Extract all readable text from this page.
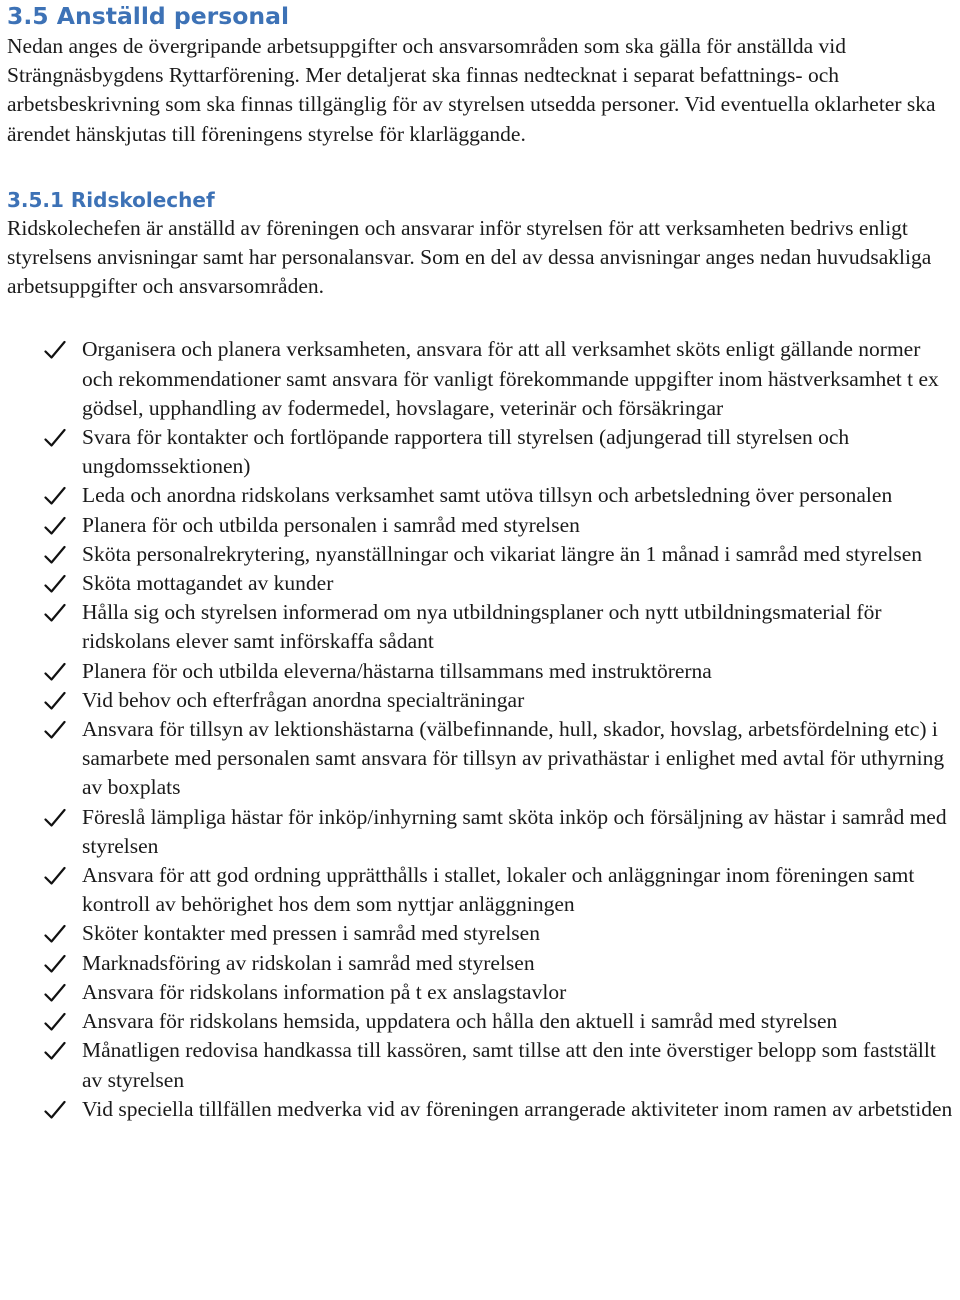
3.5 Anställd personal

Nedan anges de övergripande arbetsuppgifter och ansvarsområden som ska gälla för anställda vid Strängnäsbygdens Ryttarförening. Mer detaljerat ska finnas nedtecknat i separat befattnings- och arbetsbeskrivning som ska finnas tillgänglig för av styrelsen utsedda personer. Vid eventuella oklarheter ska ärendet hänskjutas till föreningens styrelse för klarläggande.

3.5.1 Ridskolechef

Ridskolechefen är anställd av föreningen och ansvarar inför styrelsen för att verksamheten bedrivs enligt styrelsens anvisningar samt har personalansvar. Som en del av dessa anvisningar anges nedan huvudsakliga arbetsuppgifter och ansvarsområden.

Organisera och planera verksamheten, ansvara för att all verksamhet sköts enligt gällande normer och rekommendationer samt ansvara för vanligt förekommande uppgifter inom hästverksamhet t ex gödsel, upphandling av fodermedel, hovslagare, veterinär och försäkringar
Svara för kontakter och fortlöpande rapportera till styrelsen (adjungerad till styrelsen och ungdomssektionen)
Leda och anordna ridskolans verksamhet samt utöva tillsyn och arbetsledning över personalen
Planera för och utbilda personalen i samråd med styrelsen
Sköta personalrekrytering, nyanställningar och vikariat längre än 1 månad i samråd med styrelsen
Sköta mottagandet av kunder
Hålla sig och styrelsen informerad om nya utbildningsplaner och nytt utbildningsmaterial för ridskolans elever samt införskaffa sådant
Planera för och utbilda eleverna/hästarna tillsammans med instruktörerna
Vid behov och efterfrågan anordna specialträningar
Ansvara för tillsyn av lektionshästarna (välbefinnande, hull, skador, hovslag, arbetsfördelning etc) i samarbete med personalen samt ansvara för tillsyn av privathästar i enlighet med avtal för uthyrning av boxplats
Föreslå lämpliga hästar för inköp/inhyrning samt sköta inköp och försäljning av hästar i samråd med styrelsen
Ansvara för att god ordning upprätthålls i stallet, lokaler och anläggningar inom föreningen samt kontroll av behörighet hos dem som nyttjar anläggningen
Sköter kontakter med pressen i samråd med styrelsen
Marknadsföring av ridskolan i samråd med styrelsen
Ansvara för ridskolans information på t ex anslagstavlor
Ansvara för ridskolans hemsida, uppdatera och hålla den aktuell i samråd med styrelsen
Månatligen redovisa handkassa till kassören, samt tillse att den inte överstiger belopp som fastställt av styrelsen
Vid speciella tillfällen medverka vid av föreningen arrangerade aktiviteter inom ramen av arbetstiden
